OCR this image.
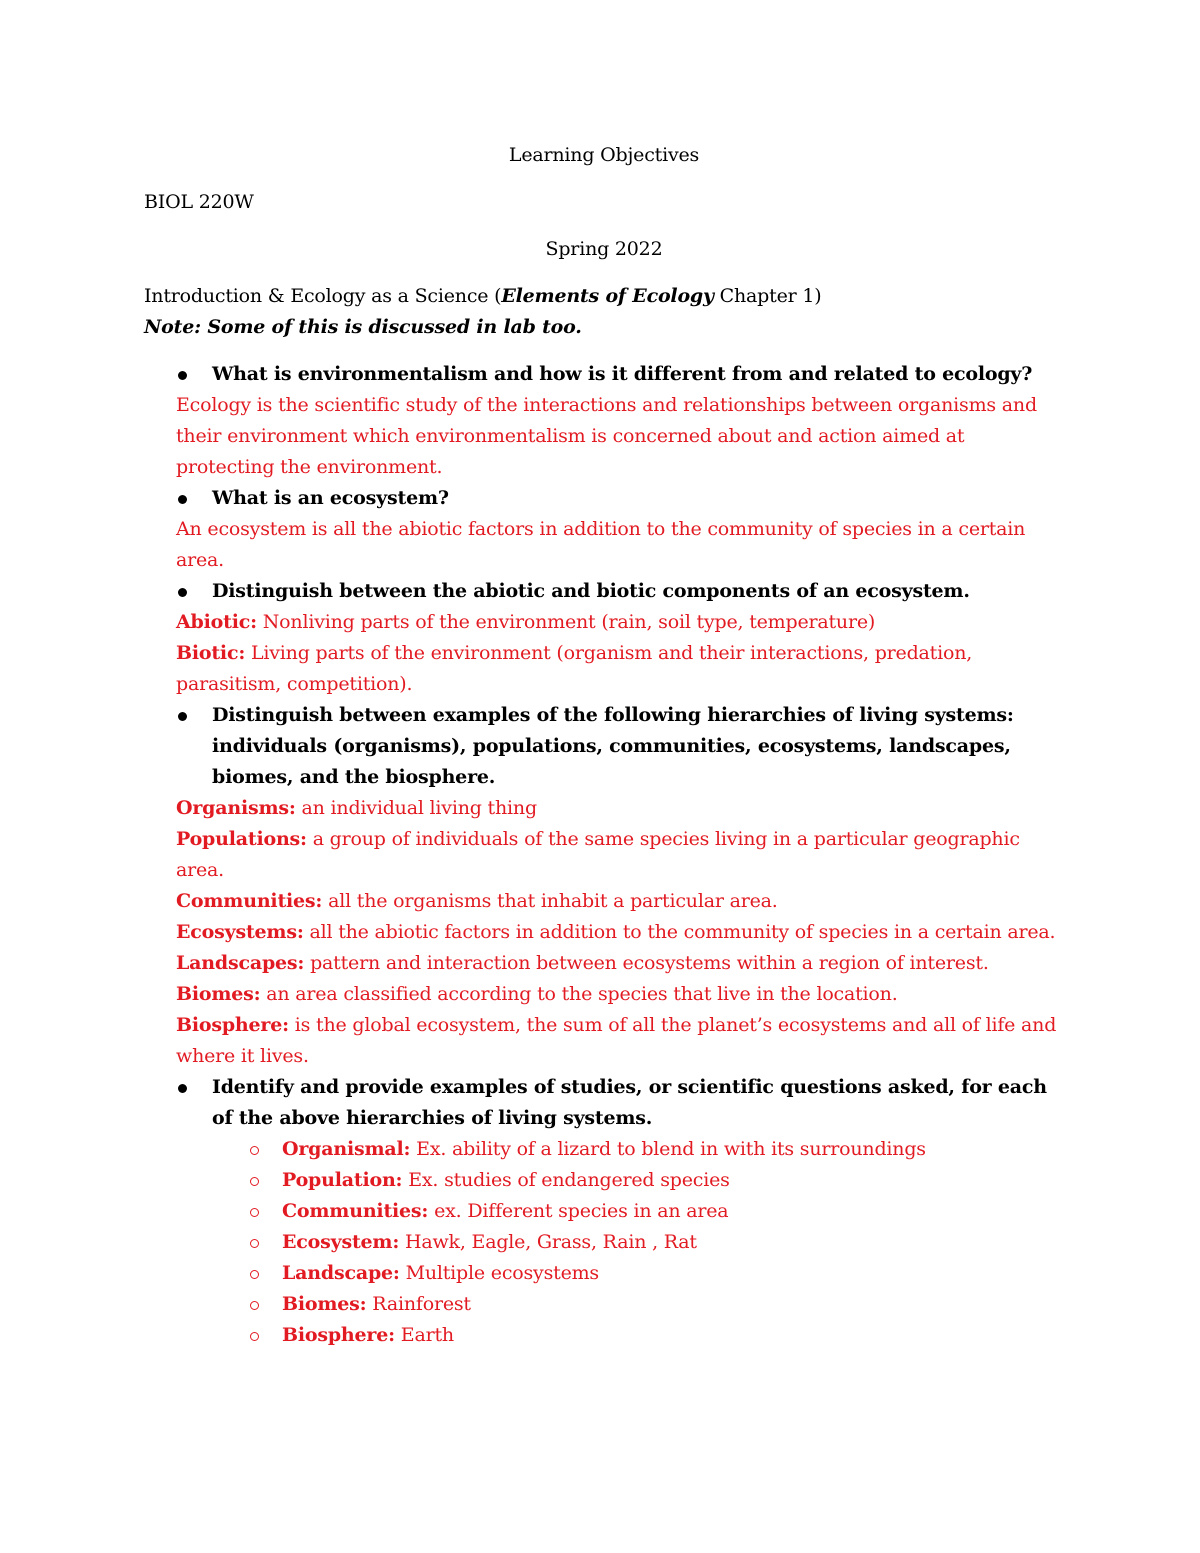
Learning Objectives
BIOL 220W
Spring 2022
Introduction & Ecology as a Science (Elements of Ecology Chapter 1)
Note: Some of this is discussed in lab too.
What is environmentalism and how is it different from and related to ecology?
Ecology is the scientific study of the interactions and relationships between organisms and their environment which environmentalism is concerned about and action aimed at protecting the environment.
What is an ecosystem?
An ecosystem is all the abiotic factors in addition to the community of species in a certain area.
Distinguish between the abiotic and biotic components of an ecosystem.
Abiotic: Nonliving parts of the environment (rain, soil type, temperature)
Biotic: Living parts of the environment (organism and their interactions, predation, parasitism, competition).
Distinguish between examples of the following hierarchies of living systems: individuals (organisms), populations, communities, ecosystems, landscapes, biomes, and the biosphere.
Organisms: an individual living thing
Populations: a group of individuals of the same species living in a particular geographic area.
Communities: all the organisms that inhabit a particular area.
Ecosystems: all the abiotic factors in addition to the community of species in a certain area.
Landscapes: pattern and interaction between ecosystems within a region of interest.
Biomes: an area classified according to the species that live in the location.
Biosphere: is the global ecosystem, the sum of all the planet’s ecosystems and all of life and where it lives.
Identify and provide examples of studies, or scientific questions asked, for each of the above hierarchies of living systems.
Organismal: Ex. ability of a lizard to blend in with its surroundings
Population: Ex. studies of endangered species
Communities: ex. Different species in an area
Ecosystem: Hawk, Eagle, Grass, Rain , Rat
Landscape: Multiple ecosystems
Biomes: Rainforest
Biosphere: Earth
